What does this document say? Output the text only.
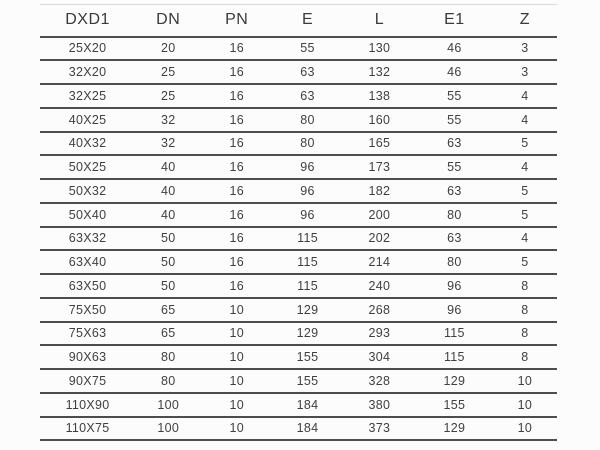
DXD1	DN	PN	E	L	E1	Z
25X20	20	16	55	130	46	3
32X20	25	16	63	132	46	3
32X25	25	16	63	138	55	4
40X25	32	16	80	160	55	4
40X32	32	16	80	165	63	5
50X25	40	16	96	173	55	4
50X32	40	16	96	182	63	5
50X40	40	16	96	200	80	5
63X32	50	16	115	202	63	4
63X40	50	16	115	214	80	5
63X50	50	16	115	240	96	8
75X50	65	10	129	268	96	8
75X63	65	10	129	293	115	8
90X63	80	10	155	304	115	8
90X75	80	10	155	328	129	10
110X90	100	10	184	380	155	10
110X75	100	10	184	373	129	10
